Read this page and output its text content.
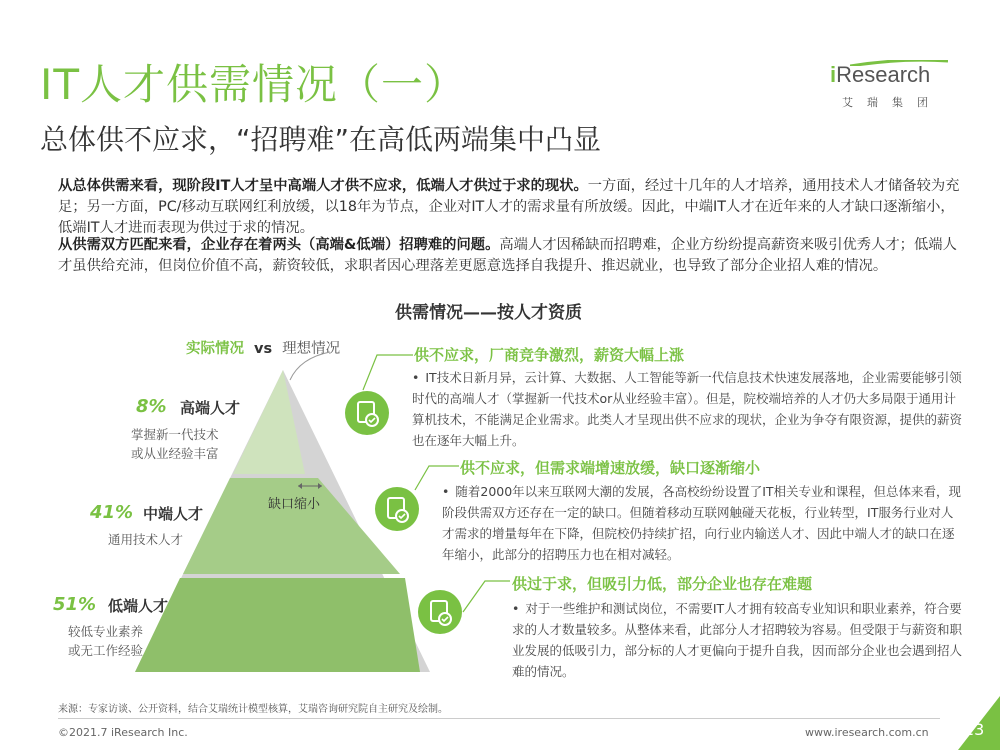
IT人才供需情况（一）
总体供不应求，“招聘难”在高低两端集中凸显
iResearch
艾瑞集团
从总体供需来看，现阶段IT人才呈中高端人才供不应求，低端人才供过于求的现状。一方面，经过十几年的人才培养，通用技术人才储备较为充足；另一方面，PC/移动互联网红利放缓，以18年为节点，企业对IT人才的需求量有所放缓。因此，中端IT人才在近年来的人才缺口逐渐缩小，低端IT人才进而表现为供过于求的情况。
从供需双方匹配来看，企业存在着两头（高端&低端）招聘难的问题。高端人才因稀缺而招聘难，企业方纷纷提高薪资来吸引优秀人才；低端人才虽供给充沛，但岗位价值不高，薪资较低，求职者因心理落差更愿意选择自我提升、推迟就业，也导致了部分企业招人难的情况。
供需情况——按人才资质
实际情况 vs 理想情况
缺口缩小
8% 高端人才
掌握新一代技术
或从业经验丰富
41% 中端人才
通用技术人才
51% 低端人才
较低专业素养
或无工作经验
供不应求，厂商竞争激烈，薪资大幅上涨
• IT技术日新月异，云计算、大数据、人工智能等新一代信息技术快速发展落地，企业需要能够引领时代的高端人才（掌握新一代技术or从业经验丰富）。但是，院校端培养的人才仍大多局限于通用计算机技术，不能满足企业需求。此类人才呈现出供不应求的现状，企业为争夺有限资源，提供的薪资也在逐年大幅上升。
供不应求，但需求端增速放缓，缺口逐渐缩小
• 随着2000年以来互联网大潮的发展，各高校纷纷设置了IT相关专业和课程，但总体来看，现阶段供需双方还存在一定的缺口。但随着移动互联网触碰天花板，行业转型，IT服务行业对人才需求的增量每年在下降，但院校仍持续扩招，向行业内输送人才、因此中端人才的缺口在逐年缩小，此部分的招聘压力也在相对减轻。
供过于求，但吸引力低，部分企业也存在难题
• 对于一些维护和测试岗位，不需要IT人才拥有较高专业知识和职业素养，符合要求的人才数量较多。从整体来看，此部分人才招聘较为容易。但受限于与薪资和职业发展的低吸引力，部分标的人才更偏向于提升自我，因而部分企业也会遇到招人难的情况。
来源：专家访谈、公开资料，结合艾瑞统计模型核算，艾瑞咨询研究院自主研究及绘制。
©2021.7 iResearch Inc.	www.iresearch.com.cn 23
